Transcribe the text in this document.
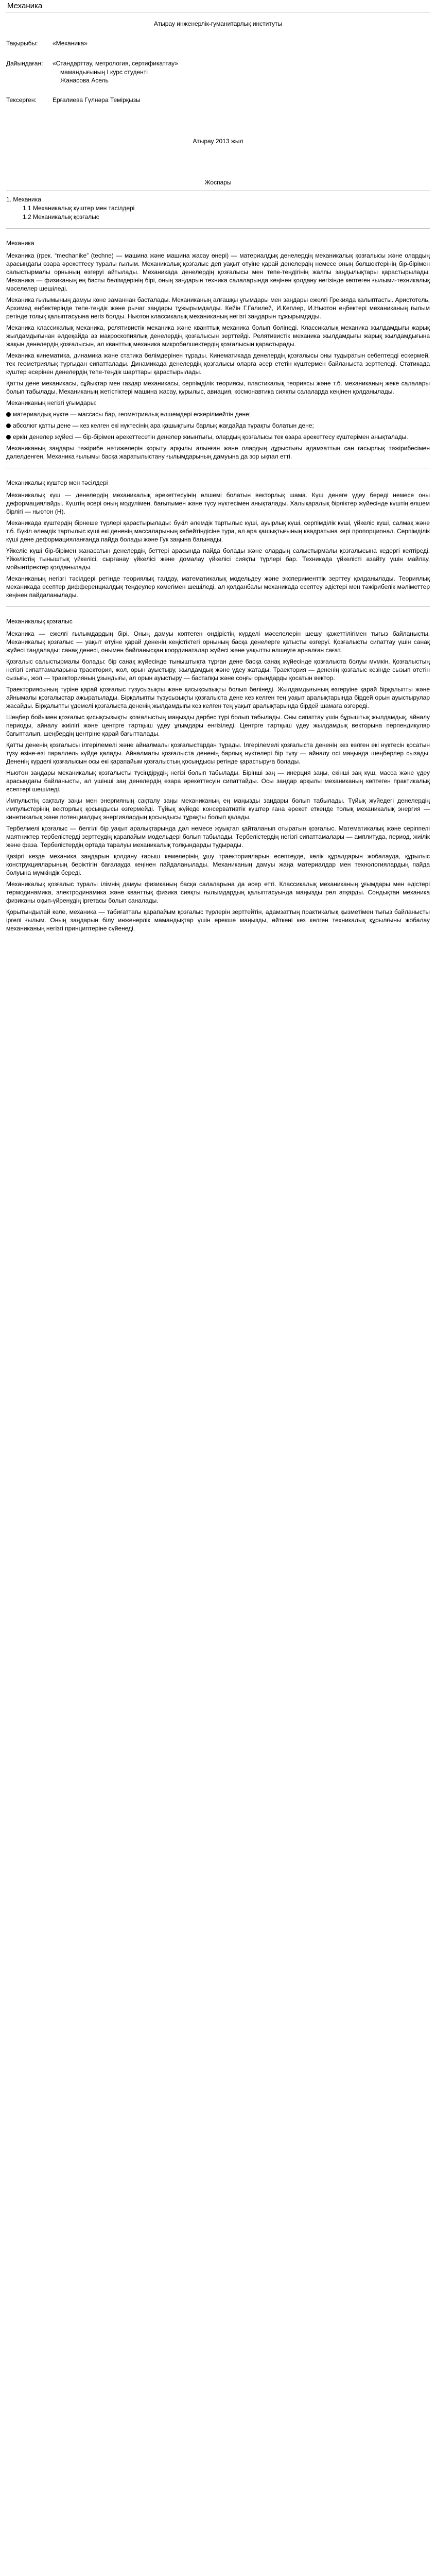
Механика
Атырау инженерлік-гуманитарлық институты
Тақырыбы:	«Механика»
Дайындаған:	«Стандарттау, метрология, сертификаттау»
мамандығының І курс студенті
Жанасова Асель
Тексерген:	Ерғалиева Гүлнәра Темірқызы
Атырау 2013 жыл
Жоспары
1. Механика
1.1 Механикалық күштер мен тасілдері
1.2 Механикалық қозғалыс
Механика

Механика (грек. “mechanike” (techne) — машина және машина жасау өнері) — материалдық денелердің механикалық қозғалысы және олардың арасындағы өзара әрекеттесу туралы ғылым. Механикалық қозғалыс деп уақыт өтуіне қарай денелердің немесе оның бөлшектерінің бір-бірімен салыстырмалы орнының өзгеруі айтылады. Механикада денелердің қозғалысы мен тепе-теңдігінің жалпы заңдылықтары қарастырылады. Механика — физиканың ең басты бөлімдерінің бірі, оның заңдарын техника салаларында кеңінен қолдану негізінде көптеген ғылыми-техникалық мәселелер шешіледі.

Механика ғылымының дамуы көне заманнан басталады. Механиканың алғашқы ұғымдары мен заңдары ежелгі Грекияда қалыптасты. Аристотель, Архимед еңбектерінде тепе-теңдік және рычаг заңдары тұжырымдалды. Кейін Г.Галилей, И.Кеплер, И.Ньютон еңбектері механиканың ғылым ретінде толық қалыптасуына негіз болды. Ньютон классикалық механиканың негізгі заңдарын тұжырымдады.

Механика классикалық механика, релятивистік механика және кванттық механика болып бөлінеді. Классикалық механика жылдамдығы жарық жылдамдығынан әлдеқайда аз макроскопиялық денелердің қозғалысын зерттейді. Релятивистік механика жылдамдығы жарық жылдамдығына жақын денелердің қозғалысын, ал кванттық механика микробөлшектердің қозғалысын қарастырады.

Механика кинематика, динамика және статика бөлімдерінен тұрады. Кинематикада денелердің қозғалысы оны тудыратын себептерді ескермей, тек геометриялық тұрғыдан сипатталады. Динамикада денелердің қозғалысы оларға әсер ететін күштермен байланыста зерттеледі. Статикада күштер әсерінен денелердің тепе-теңдік шарттары қарастырылады.

Қатты дене механикасы, сұйықтар мен газдар механикасы, серпімділік теориясы, пластикалық теориясы және т.б. механиканың жеке салалары болып табылады. Механиканың жетістіктері машина жасау, құрылыс, авиация, космонавтика сияқты салаларда кеңінен қолданылады.

Механиканың негізгі ұғымдары:

материалдық нүкте — массасы бар, геометриялық өлшемдері ескерілмейтін дене;

абсолют қатты дене — кез келген екі нүктесінің ара қашықтығы барлық жағдайда тұрақты болатын дене;

еркін денелер жүйесі — бір-бірімен әрекеттесетін денелер жиынтығы, олардың қозғалысы тек өзара әрекеттесу күштерімен анықталады.

Механиканың заңдары тәжірибе нәтижелерін қорыту арқылы алынған және олардың дұрыстығы адамзаттың сан ғасырлық тәжірибесімен дәлелденген. Механика ғылымы басқа жаратылыстану ғылымдарының дамуына да зор ықпал етті.

Механикалық күштер мен тәсілдері

Механикалық күш — денелердің механикалық әрекеттесуінің өлшемі болатын векторлық шама. Күш денеге үдеу береді немесе оны деформациялайды. Күштің әсері оның модулімен, бағытымен және түсу нүктесімен анықталады. Халықаралық бірліктер жүйесінде күштің өлшем бірлігі — ньютон (Н).

Механикада күштердің бірнеше түрлері қарастырылады: бүкіл әлемдік тартылыс күші, ауырлық күші, серпімділік күші, үйкеліс күші, салмақ және т.б. Бүкіл әлемдік тартылыс күші екі дененің массаларының көбейтіндісіне тура, ал ара қашықтығының квадратына кері пропорционал. Серпімділік күші дене деформацияланғанда пайда болады және Гук заңына бағынады.

Үйкеліс күші бір-бірімен жанасатын денелердің беттері арасында пайда болады және олардың салыстырмалы қозғалысына кедергі келтіреді. Үйкелістің тыныштық үйкелісі, сырғанау үйкелісі және домалау үйкелісі сияқты түрлері бар. Техникада үйкелісті азайту үшін майлау, мойынтіректер қолданылады.

Механиканың негізгі тәсілдері ретінде теориялық талдау, математикалық модельдеу және эксперименттік зерттеу қолданылады. Теориялық механикада есептер дифференциалдық теңдеулер көмегімен шешіледі, ал қолданбалы механикада есептеу әдістері мен тәжірибелік мәліметтер кеңінен пайдаланылады.

Механикалық қозғалыс

Механика — ежелгі ғылымдардың бірі. Оның дамуы көптеген өндірістің күрделі мәселелерін шешу қажеттілігімен тығыз байланысты. Механикалық қозғалыс — уақыт өтуіне қарай дененің кеңістіктегі орнының басқа денелерге қатысты өзгеруі. Қозғалысты сипаттау үшін санақ жүйесі таңдалады: санақ денесі, онымен байланысқан координаталар жүйесі және уақытты өлшеуге арналған сағат.

Қозғалыс салыстырмалы болады: бір санақ жүйесінде тыныштықта тұрған дене басқа санақ жүйесінде қозғалыста болуы мүмкін. Қозғалыстың негізгі сипаттамаларына траектория, жол, орын ауыстыру, жылдамдық және үдеу жатады. Траектория — дененің қозғалыс кезінде сызып өтетін сызығы, жол — траекторияның ұзындығы, ал орын ауыстыру — бастапқы және соңғы орындарды қосатын вектор.

Траекториясының түріне қарай қозғалыс түзусызықты және қисықсызықты болып бөлінеді. Жылдамдығының өзгеруіне қарай бірқалыпты және айнымалы қозғалыстар ажыратылады. Бірқалыпты түзусызықты қозғалыста дене кез келген тең уақыт аралықтарында бірдей орын ауыстырулар жасайды. Бірқалыпты үдемелі қозғалыста дененің жылдамдығы кез келген тең уақыт аралықтарында бірдей шамаға өзгереді.

Шеңбер бойымен қозғалыс қисықсызықты қозғалыстың маңызды дербес түрі болып табылады. Оны сипаттау үшін бұрыштық жылдамдық, айналу периоды, айналу жиілігі және центрге тартқыш үдеу ұғымдары енгізіледі. Центрге тартқыш үдеу жылдамдық векторына перпендикуляр бағытталып, шеңбердің центріне қарай бағытталады.

Қатты дененің қозғалысы ілгерілемелі және айналмалы қозғалыстардан тұрады. Ілгерілемелі қозғалыста дененің кез келген екі нүктесін қосатын түзу өзіне-өзі параллель күйде қалады. Айналмалы қозғалыста дененің барлық нүктелері бір түзу — айналу осі маңында шеңберлер сызады. Дененің күрделі қозғалысын осы екі қарапайым қозғалыстың қосындысы ретінде қарастыруға болады.

Ньютон заңдары механикалық қозғалысты түсіндірудің негізі болып табылады. Бірінші заң — инерция заңы, екінші заң күш, масса және үдеу арасындағы байланысты, ал үшінші заң денелердің өзара әрекеттесуін сипаттайды. Осы заңдар арқылы механиканың көптеген практикалық есептері шешіледі.

Импульстің сақталу заңы мен энергияның сақталу заңы механиканың ең маңызды заңдары болып табылады. Тұйық жүйедегі денелердің импульстерінің векторлық қосындысы өзгермейді. Тұйық жүйеде консервативтік күштер ғана әрекет еткенде толық механикалық энергия — кинетикалық және потенциалдық энергиялардың қосындысы тұрақты болып қалады.

Тербелмелі қозғалыс — белгілі бір уақыт аралықтарында дәл немесе жуықтап қайталанып отыратын қозғалыс. Математикалық және серіппелі маятниктер тербелістерді зерттеудің қарапайым модельдері болып табылады. Тербелістердің негізгі сипаттамалары — амплитуда, период, жиілік және фаза. Тербелістердің ортада таралуы механикалық толқындарды тудырады.

Қазіргі кезде механика заңдарын қолдану ғарыш кемелерінің ұшу траекторияларын есептеуде, көлік құралдарын жобалауда, құрылыс конструкцияларының беріктігін бағалауда кеңінен пайдаланылады. Механиканың дамуы жаңа материалдар мен технологиялардың пайда болуына мүмкіндік береді.

Механикалық қозғалыс туралы ілімнің дамуы физиканың басқа салаларына да әсер етті. Классикалық механиканың ұғымдары мен әдістері термодинамика, электродинамика және кванттық физика сияқты ғылымдардың қалыптасуында маңызды рөл атқарды. Сондықтан механика физиканы оқып-үйренудің іргетасы болып саналады.

Қорытындылай келе, механика — табиғаттағы қарапайым қозғалыс түрлерін зерттейтін, адамзаттың практикалық қызметімен тығыз байланысты іргелі ғылым. Оның заңдарын білу инженерлік мамандықтар үшін ерекше маңызды, өйткені кез келген техникалық құрылғыны жобалау механиканың негізгі принциптеріне сүйенеді.
